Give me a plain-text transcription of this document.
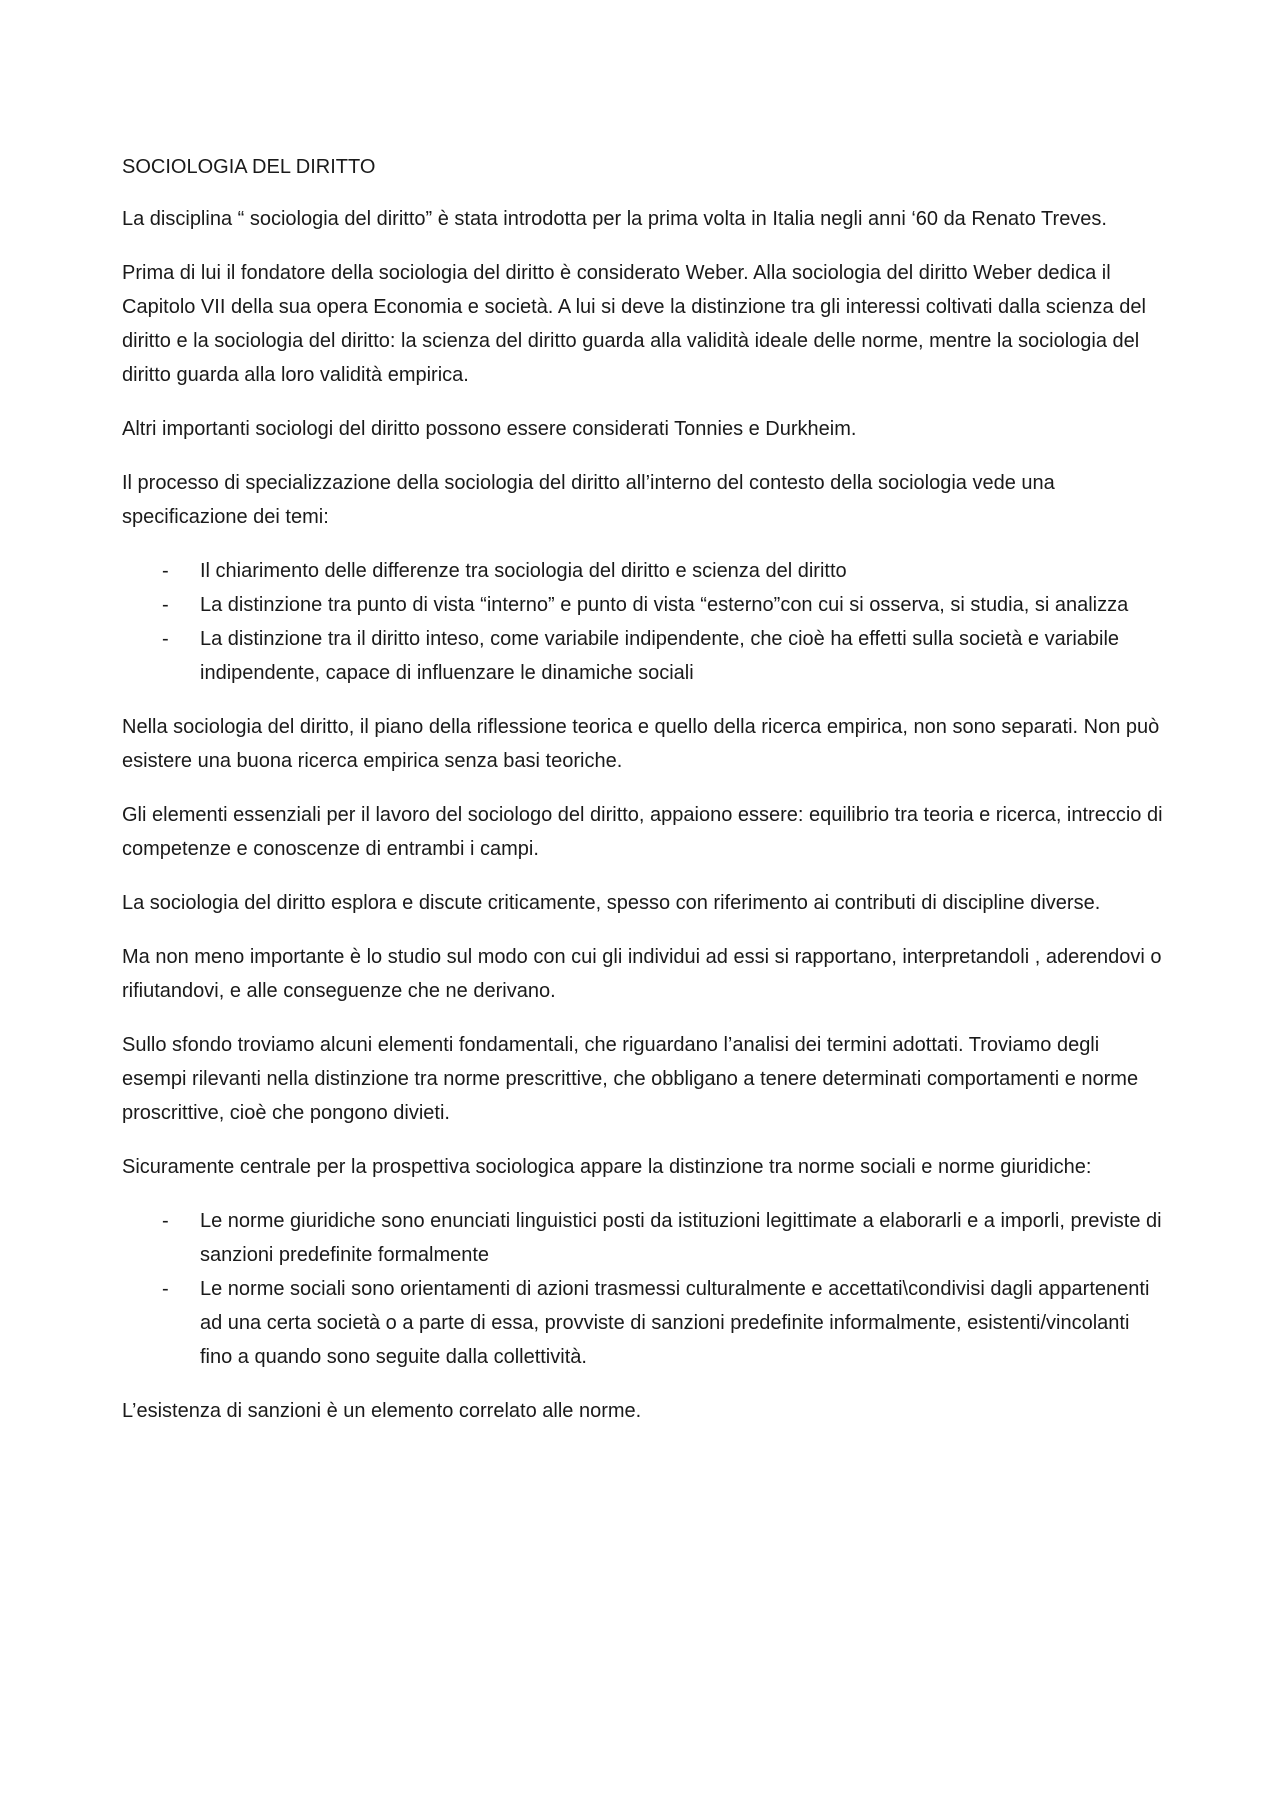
SOCIOLOGIA DEL DIRITTO

La disciplina “ sociologia del diritto” è stata introdotta per la prima volta in Italia negli anni ‘60 da Renato Treves.

Prima di lui il fondatore della sociologia del diritto è considerato Weber. Alla sociologia del diritto Weber dedica il Capitolo VII della sua opera Economia e società. A lui si deve la distinzione tra gli interessi coltivati dalla scienza del diritto e la sociologia del diritto: la scienza del diritto guarda alla validità ideale delle norme, mentre la sociologia del diritto guarda alla loro validità empirica.

Altri importanti sociologi del diritto possono essere considerati Tonnies e Durkheim.

Il processo di specializzazione della sociologia del diritto all’interno del contesto della sociologia vede una specificazione dei temi:

- Il chiarimento delle differenze tra sociologia del diritto e scienza del diritto
- La distinzione tra punto di vista “interno” e punto di vista “esterno”con cui si osserva, si studia, si analizza
- La distinzione tra il diritto inteso, come variabile indipendente, che cioè ha effetti sulla società e variabile indipendente, capace di influenzare le dinamiche sociali

Nella sociologia del diritto, il piano della riflessione teorica e quello della ricerca empirica, non sono separati. Non può esistere una buona ricerca empirica senza basi teoriche.

Gli elementi essenziali per il lavoro del sociologo del diritto, appaiono essere: equilibrio tra teoria e ricerca, intreccio di competenze e conoscenze di entrambi i campi.

La sociologia del diritto esplora e discute criticamente, spesso con riferimento ai contributi di discipline diverse.

Ma non meno importante è lo studio sul modo con cui gli individui ad essi si rapportano, interpretandoli , aderendovi o rifiutandovi, e alle conseguenze che ne derivano.

Sullo sfondo troviamo alcuni elementi fondamentali, che riguardano l’analisi dei termini adottati. Troviamo degli esempi rilevanti nella distinzione tra norme prescrittive, che obbligano a tenere determinati comportamenti e norme proscrittive, cioè che pongono divieti.

Sicuramente centrale per la prospettiva sociologica appare la distinzione tra norme sociali e norme giuridiche:

- Le norme giuridiche sono enunciati linguistici posti da istituzioni legittimate a elaborarli e a imporli, previste di sanzioni predefinite formalmente
- Le norme sociali sono orientamenti di azioni trasmessi culturalmente e accettati\condivisi dagli appartenenti ad una certa società o a parte di essa, provviste di sanzioni predefinite informalmente, esistenti/vincolanti fino a quando sono seguite dalla collettività.

L’esistenza di sanzioni è un elemento correlato alle norme.
